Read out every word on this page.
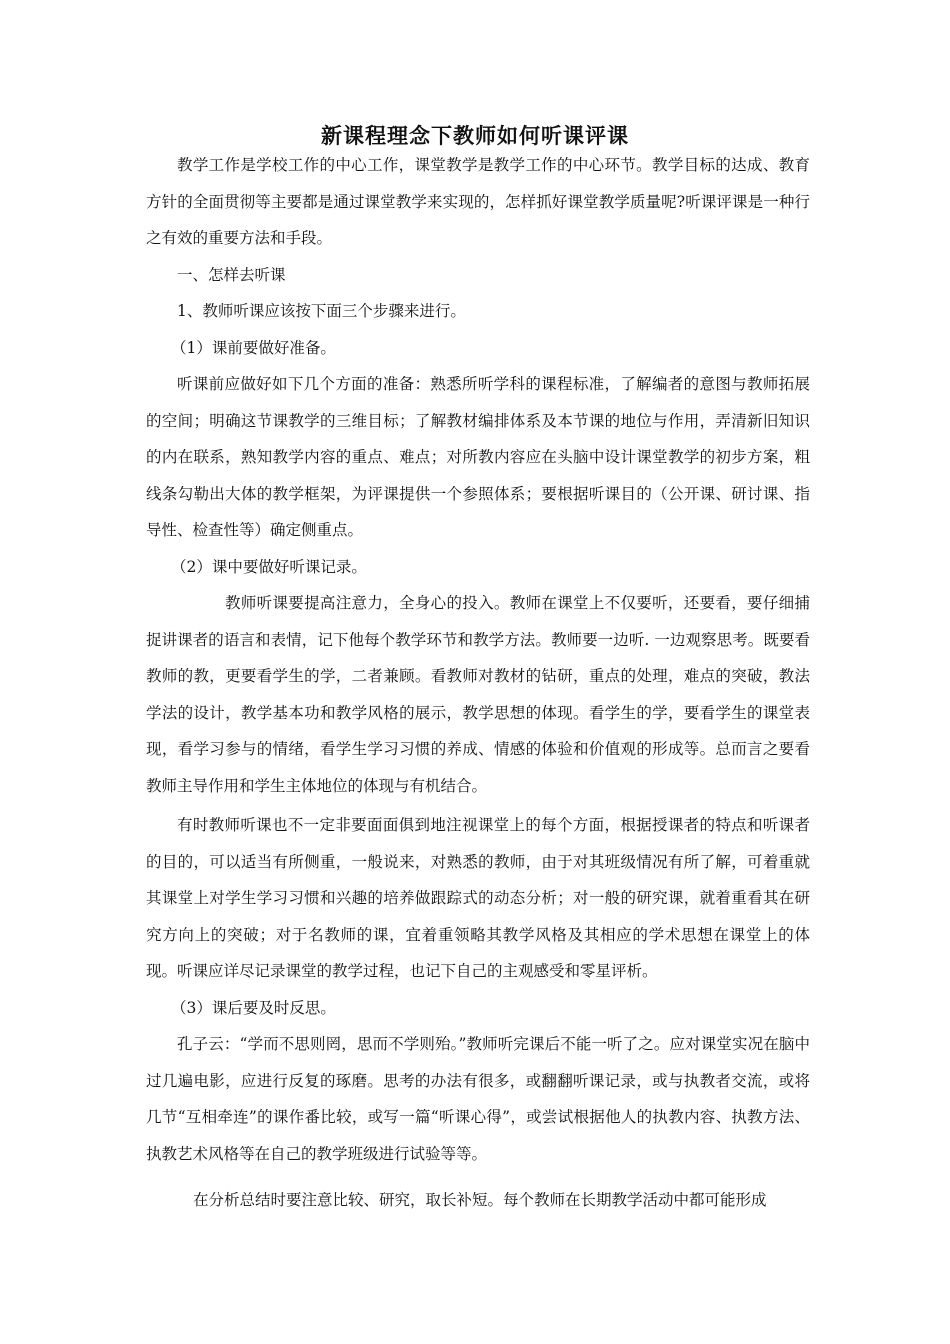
新课程理念下教师如何听课评课

教学工作是学校工作的中心工作，课堂教学是教学工作的中心环节。教学目标的达成、教育方针的全面贯彻等主要都是通过课堂教学来实现的，怎样抓好课堂教学质量呢?听课评课是一种行之有效的重要方法和手段。

一、怎样去听课

1、教师听课应该按下面三个步骤来进行。

（1）课前要做好准备。

听课前应做好如下几个方面的准备：熟悉所听学科的课程标准，了解编者的意图与教师拓展的空间；明确这节课教学的三维目标；了解教材编排体系及本节课的地位与作用，弄清新旧知识的内在联系，熟知教学内容的重点、难点；对所教内容应在头脑中设计课堂教学的初步方案，粗线条勾勒出大体的教学框架，为评课提供一个参照体系；要根据听课目的（公开课、研讨课、指导性、检查性等）确定侧重点。

（2）课中要做好听课记录。

教师听课要提高注意力，全身心的投入。教师在课堂上不仅要听，还要看，要仔细捕捉讲课者的语言和表情，记下他每个教学环节和教学方法。教师要一边听. 一边观察思考。既要看教师的教，更要看学生的学，二者兼顾。看教师对教材的钻研，重点的处理，难点的突破，教法学法的设计，教学基本功和教学风格的展示，教学思想的体现。看学生的学，要看学生的课堂表现，看学习参与的情绪，看学生学习习惯的养成、情感的体验和价值观的形成等。总而言之要看教师主导作用和学生主体地位的体现与有机结合。

有时教师听课也不一定非要面面俱到地注视课堂上的每个方面，根据授课者的特点和听课者的目的，可以适当有所侧重，一般说来，对熟悉的教师，由于对其班级情况有所了解，可着重就其课堂上对学生学习习惯和兴趣的培养做跟踪式的动态分析；对一般的研究课，就着重看其在研究方向上的突破；对于名教师的课，宜着重领略其教学风格及其相应的学术思想在课堂上的体现。听课应详尽记录课堂的教学过程，也记下自己的主观感受和零星评析。

（3）课后要及时反思。

孔子云：“学而不思则罔，思而不学则殆。”教师听完课后不能一听了之。应对课堂实况在脑中过几遍电影，应进行反复的琢磨。思考的办法有很多，或翻翻听课记录，或与执教者交流，或将几节“互相牵连”的课作番比较，或写一篇“听课心得”，或尝试根据他人的执教内容、执教方法、执教艺术风格等在自己的教学班级进行试验等等。

在分析总结时要注意比较、研究，取长补短。每个教师在长期教学活动中都可能形成
